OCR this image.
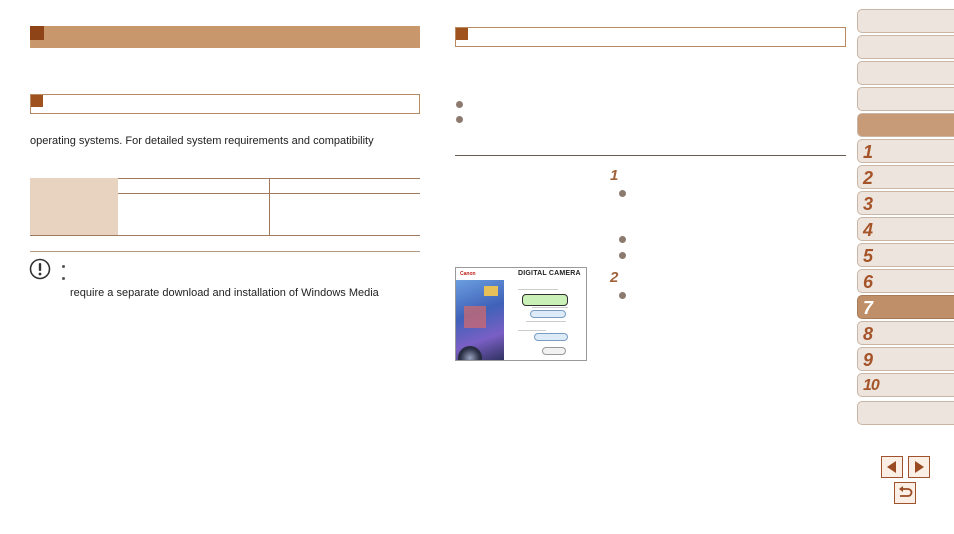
operating systems. For detailed system requirements and compatibility
require a separate download and installation of Windows Media
1
2
Canon	DIGITAL CAMERA
1
2
3
4
5
6
7
8
9
10
